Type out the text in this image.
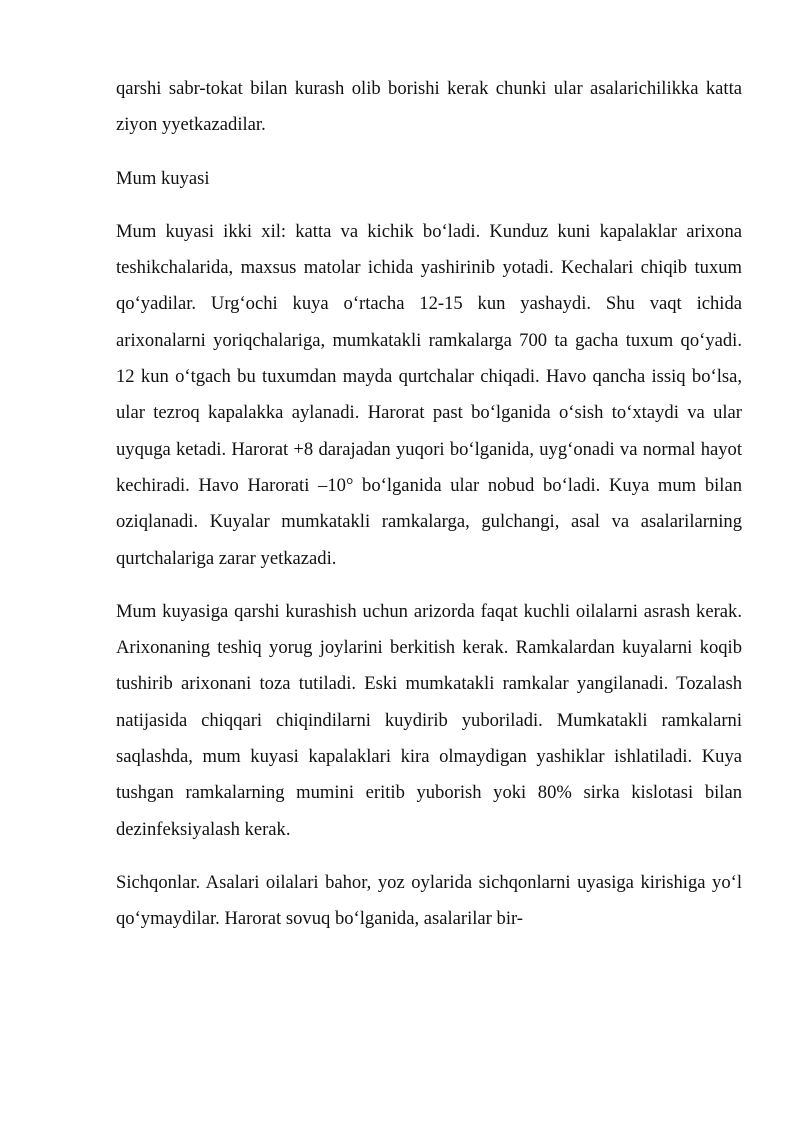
qarshi sabr-tokat bilan kurash olib borishi kerak chunki ular asalarichilikka katta ziyon yyetkazadilar.

Mum kuyasi

Mum kuyasi ikki xil: katta va kichik bo‘ladi. Kunduz kuni kapalaklar arixona teshikchalarida, maxsus matolar ichida yashirinib yotadi. Kechalari chiqib tuxum qo‘yadilar. Urg‘ochi kuya o‘rtacha 12-15 kun yashaydi. Shu vaqt ichida arixonalarni yoriqchalariga, mumkatakli ramkalarga 700 ta gacha tuxum qo‘yadi. 12 kun o‘tgach bu tuxumdan mayda qurtchalar chiqadi. Havo qancha issiq bo‘lsa, ular tezroq kapalakka aylanadi. Harorat past bo‘lganida o‘sish to‘xtaydi va ular uyquga ketadi. Harorat +8 darajadan yuqori bo‘lganida, uyg‘onadi va normal hayot kechiradi. Havo Harorati –10° bo‘lganida ular nobud bo‘ladi. Kuya mum bilan oziqlanadi. Kuyalar mumkatakli ramkalarga, gulchangi, asal va asalarilarning qurtchalariga zarar yetkazadi.

Mum kuyasiga qarshi kurashish uchun arizorda faqat kuchli oilalarni asrash kerak. Arixonaning teshiq yorug joylarini berkitish kerak. Ramkalardan kuyalarni koqib tushirib arixonani toza tutiladi. Eski mumkatakli ramkalar yangilanadi. Tozalash natijasida chiqqari chiqindilarni kuydirib yuboriladi. Mumkatakli ramkalarni saqlashda, mum kuyasi kapalaklari kira olmaydigan yashiklar ishlatiladi. Kuya tushgan ramkalarning mumini eritib yuborish yoki 80% sirka kislotasi bilan dezinfeksiyalash kerak.

Sichqonlar. Asalari oilalari bahor, yoz oylarida sichqonlarni uyasiga kirishiga yo‘l qo‘ymaydilar. Harorat sovuq bo‘lganida, asalarilar bir-
